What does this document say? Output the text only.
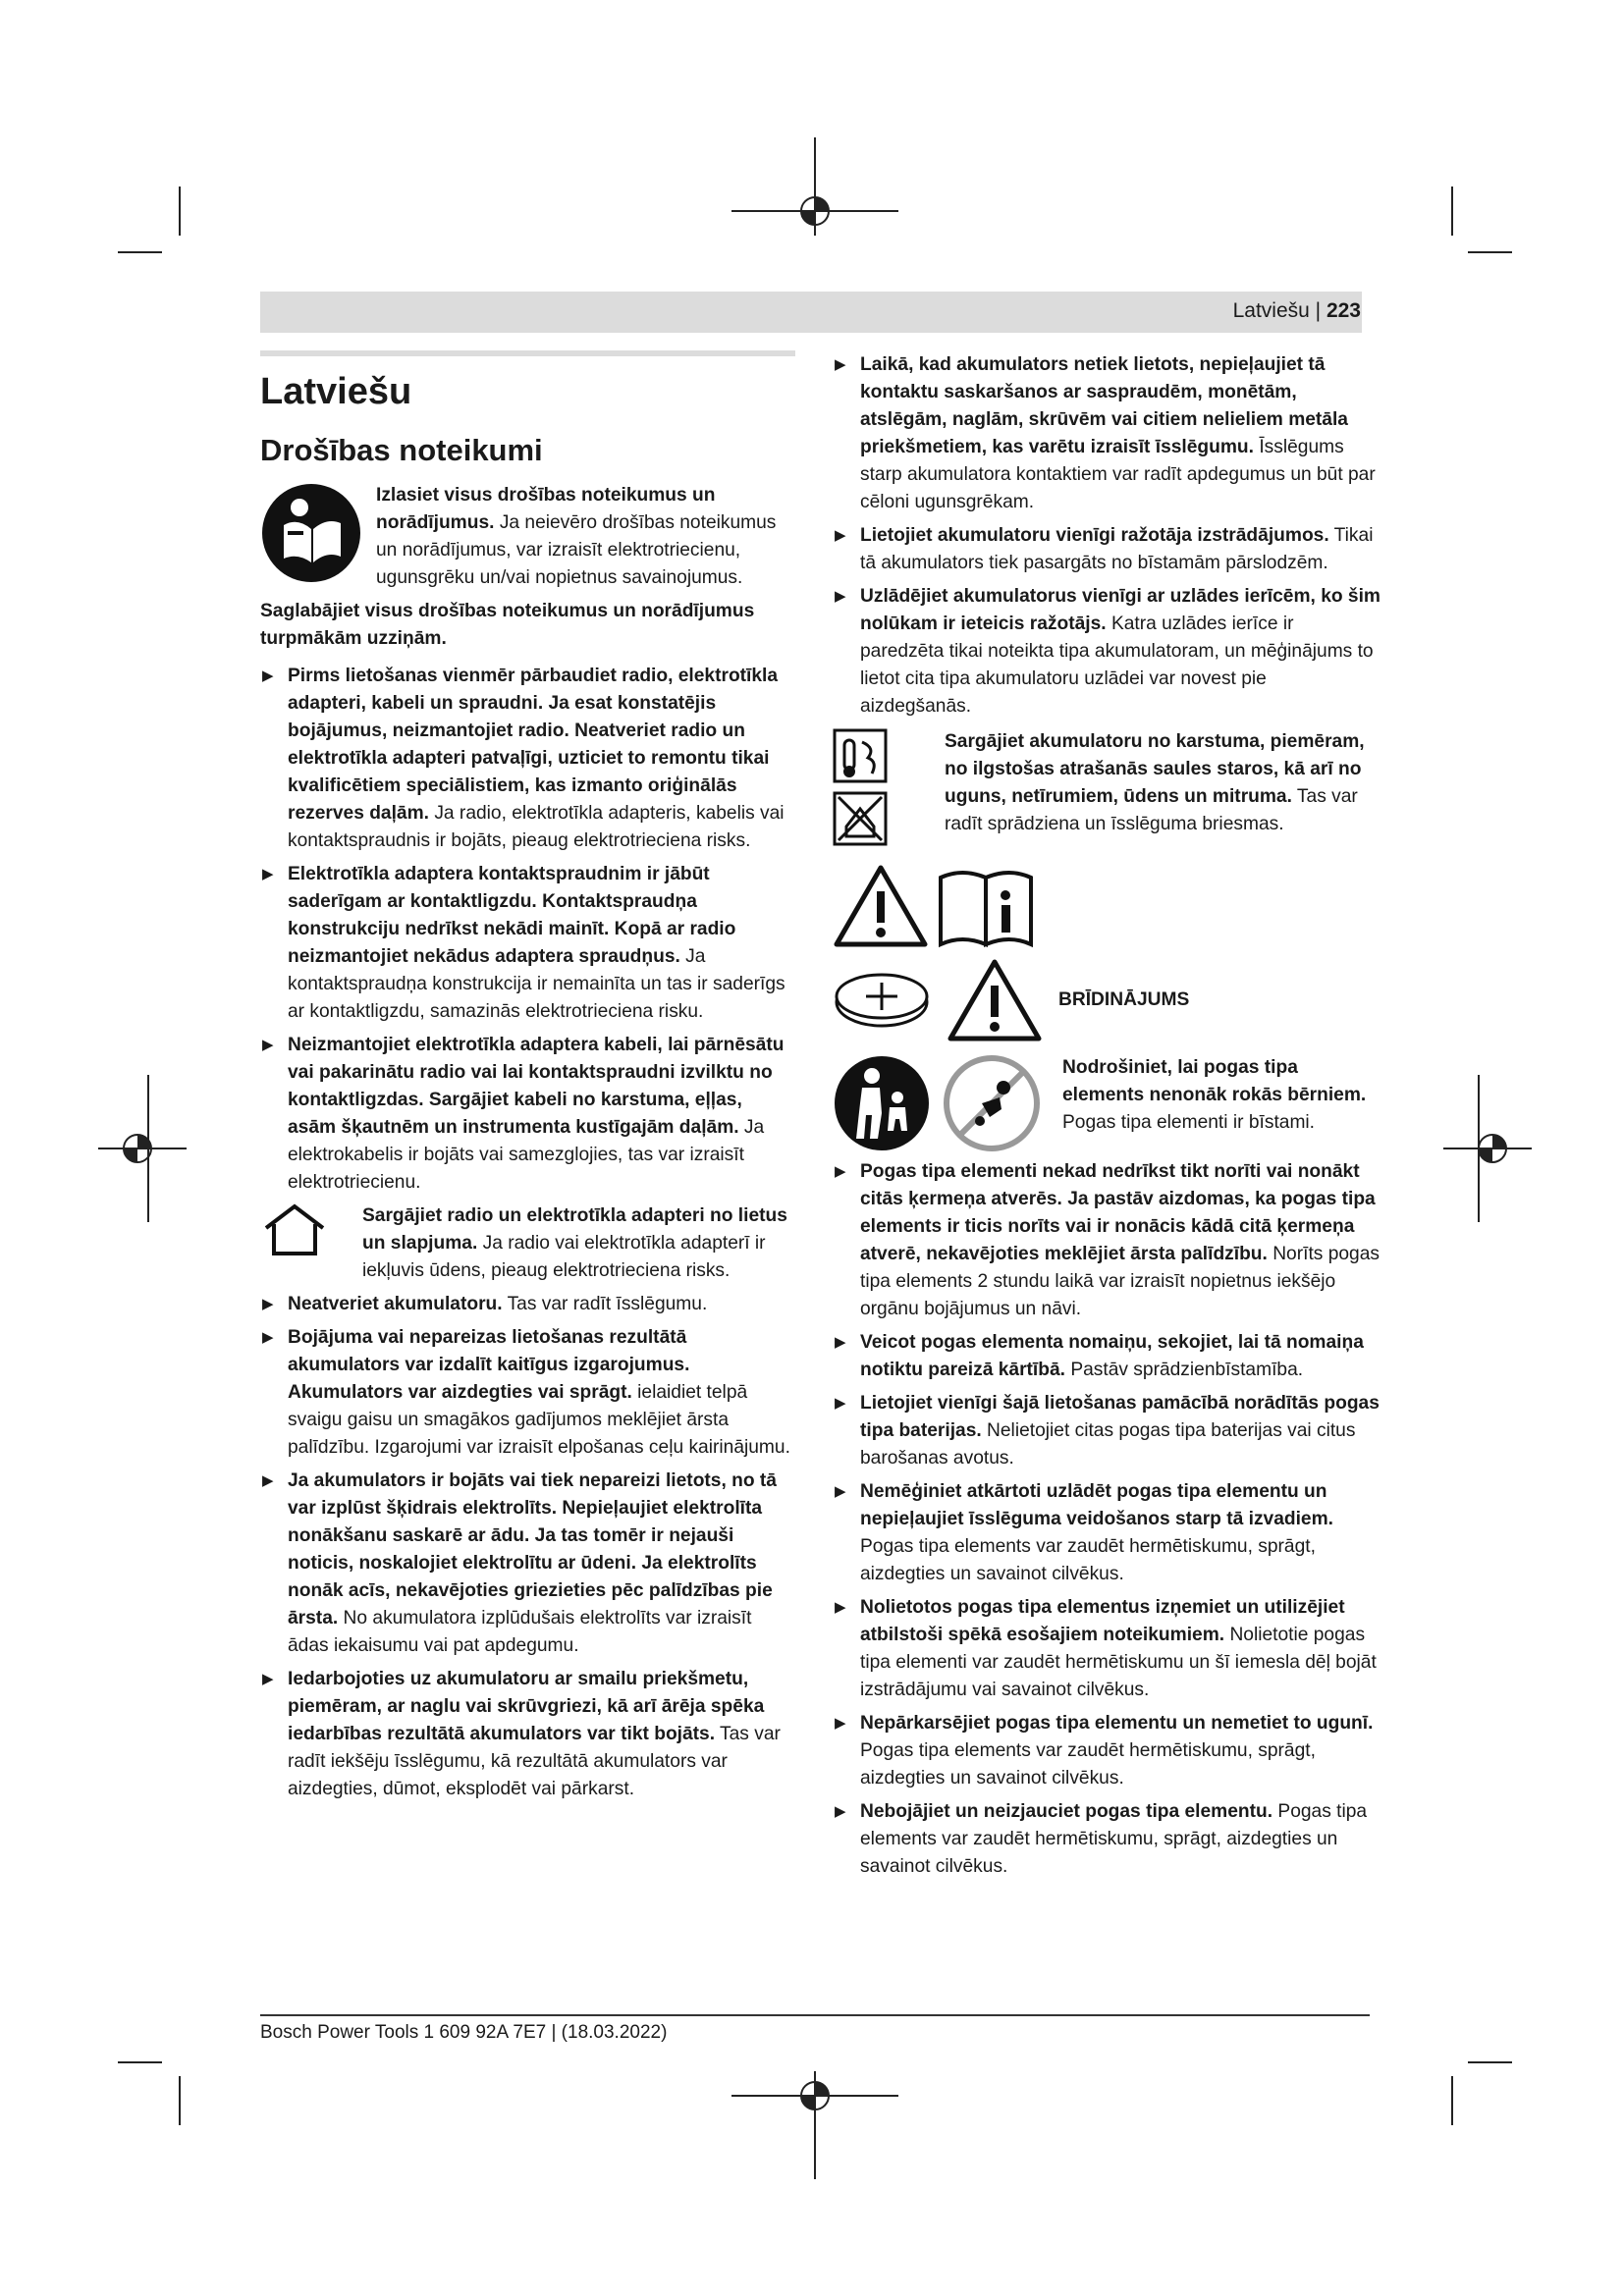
Latviešu | 223
Latviešu
Drošības noteikumi
Izlasiet visus drošības noteikumus un norādījumus. Ja neievēro drošības noteikumus un norādījumus, var izraisīt elektrotriecienu, ugunsgrēku un/vai nopietnus savainojumus.

Saglabājiet visus drošības noteikumus un norādījumus turpmākām uzziņām.

▶ Pirms lietošanas vienmēr pārbaudiet radio, elektrotīkla adapteri, kabeli un spraudni. Ja esat konstatējis bojājumus, neizmantojiet radio. Neatveriet radio un elektrotīkla adapteri patvaļīgi, uzticiet to remontu tikai kvalificētiem speciālistiem, kas izmanto oriģinālās rezerves daļām. Ja radio, elektrotīkla adapteris, kabelis vai kontaktspraudnis ir bojāts, pieaug elektrotrieciena risks.
▶ Elektrotīkla adaptera kontaktspraudnim ir jābūt saderīgam ar kontaktligzdu. Kontaktspraudņa konstrukciju nedrīkst nekādi mainīt. Kopā ar radio neizmantojiet nekādus adaptera spraudņus. Ja kontaktspraudņa konstrukcija ir nemainīta un tas ir saderīgs ar kontaktligzdu, samazinās elektrotrieciena risku.
▶ Neizmantojiet elektrotīkla adaptera kabeli, lai pārnēsātu vai pakarinātu radio vai lai kontaktspraudni izvilktu no kontaktligzdas. Sargājiet kabeli no karstuma, eļļas, asām šķautnēm un instrumenta kustīgajām daļām. Ja elektrokabelis ir bojāts vai samezglojies, tas var izraisīt elektrotriecienu.
Sargājiet radio un elektrotīkla adapteri no lietus un slapjuma. Ja radio vai elektrotīkla adapterī ir iekļuvis ūdens, pieaug elektrotrieciena risks.
▶ Neatveriet akumulatoru. Tas var radīt īsslēgumu.
▶ Bojājuma vai nepareizas lietošanas rezultātā akumulators var izdalīt kaitīgus izgarojumus. Akumulators var aizdegties vai sprāgt. ielaidiet telpā svaigu gaisu un smagākos gadījumos meklējiet ārsta palīdzību. Izgarojumi var izraisīt elpošanas ceļu kairinājumu.
▶ Ja akumulators ir bojāts vai tiek nepareizi lietots, no tā var izplūst šķidrais elektrolīts. Nepieļaujiet elektrolīta nonākšanu saskarē ar ādu. Ja tas tomēr ir nejauši noticis, noskalojiet elektrolītu ar ūdeni. Ja elektrolīts nonāk acīs, nekavējoties griezieties pēc palīdzības pie ārsta. No akumulatora izplūdušais elektrolīts var izraisīt ādas iekaisumu vai pat apdegumu.
▶ Iedarbojoties uz akumulatoru ar smailu priekšmetu, piemēram, ar naglu vai skrūvgriezi, kā arī ārēja spēka iedarbības rezultātā akumulators var tikt bojāts. Tas var radīt iekšēju īsslēgumu, kā rezultātā akumulators var aizdegties, dūmot, eksplodēt vai pārkarst.
▶ Laikā, kad akumulators netiek lietots, nepieļaujiet tā kontaktu saskaršanos ar saspraudēm, monētām, atslēgām, naglām, skrūvēm vai citiem nelieliem metāla priekšmetiem, kas varētu izraisīt īsslēgumu. Īsslēgums starp akumulatora kontaktiem var radīt apdegumus un būt par cēloni ugunsgrēkam.
▶ Lietojiet akumulatoru vienīgi ražotāja izstrādājumos. Tikai tā akumulators tiek pasargāts no bīstamām pārslodzēm.
▶ Uzlādējiet akumulatorus vienīgi ar uzlādes ierīcēm, ko šim nolūkam ir ieteicis ražotājs. Katra uzlādes ierīce ir paredzēta tikai noteikta tipa akumulatoram, un mēģinājums to lietot cita tipa akumulatoru uzlādei var novest pie aizdegšanās.
Sargājiet akumulatoru no karstuma, piemēram, no ilgstošas atrašanās saules staros, kā arī no uguns, netīrumiem, ūdens un mitruma. Tas var radīt sprādziena un īsslēguma briesmas.
BRĪDINĀJUMS
Nodrošiniet, lai pogas tipa elements nenonāk rokās bērniem. Pogas tipa elementi ir bīstami.
▶ Pogas tipa elementi nekad nedrīkst tikt norīti vai nonākt citās ķermeņa atverēs. Ja pastāv aizdomas, ka pogas tipa elements ir ticis norīts vai ir nonācis kādā citā ķermeņa atverē, nekavējoties meklējiet ārsta palīdzību. Norīts pogas tipa elements 2 stundu laikā var izraisīt nopietnus iekšējo orgānu bojājumus un nāvi.
▶ Veicot pogas elementa nomaiņu, sekojiet, lai tā nomaiņa notiktu pareizā kārtībā. Pastāv sprādzienbīstamība.
▶ Lietojiet vienīgi šajā lietošanas pamācībā norādītās pogas tipa baterijas. Nelietojiet citas pogas tipa baterijas vai citus barošanas avotus.
▶ Nemēģiniet atkārtoti uzlādēt pogas tipa elementu un nepieļaujiet īsslēguma veidošanos starp tā izvadiem. Pogas tipa elements var zaudēt hermētiskumu, sprāgt, aizdegties un savainot cilvēkus.
▶ Nolietotos pogas tipa elementus izņemiet un utilizējiet atbilstoši spēkā esošajiem noteikumiem. Nolietotie pogas tipa elementi var zaudēt hermētiskumu un šī iemesla dēļ bojāt izstrādājumu vai savainot cilvēkus.
▶ Nepārkarsējiet pogas tipa elementu un nemetiet to ugunī. Pogas tipa elements var zaudēt hermētiskumu, sprāgt, aizdegties un savainot cilvēkus.
▶ Nebojājiet un neizjauciet pogas tipa elementu. Pogas tipa elements var zaudēt hermētiskumu, sprāgt, aizdegties un savainot cilvēkus.
Bosch Power Tools 1 609 92A 7E7 | (18.03.2022)
